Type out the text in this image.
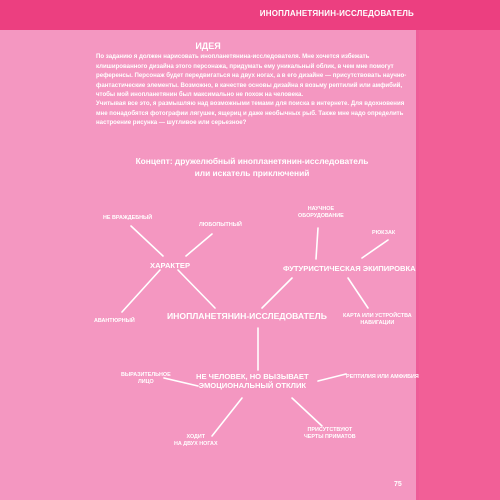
ИНОПЛАНЕТЯНИН-ИССЛЕДОВАТЕЛЬ
ИДЕЯ

По заданию я должен нарисовать инопланетянина-исследователя. Мне хочется избежать клишированного дизайна этого персонажа, придумать ему уникальный облик, в чем мне помогут референсы. Персонаж будет передвигаться на двух ногах, а в его дизайне — присутствовать научно-фантастические элементы. Возможно, в качестве основы дизайна я возьму рептилий или амфибий, чтобы мой инопланетянин был максимально не похож на человека.

Учитывая все это, я размышляю над возможными темами для поиска в интернете. Для вдохновения мне понадобятся фотографии лягушек, ящериц и даже необычных рыб. Также мне надо определить настроение рисунка — шутливое или серьезное?

Концепт: дружелюбный инопланетянин-исследователь
или искатель приключений
ИНОПЛАНЕТЯНИН-ИССЛЕДОВАТЕЛЬ
ХАРАКТЕР	ФУТУРИСТИЧЕСКАЯ ЭКИПИРОВКА
НЕ ЧЕЛОВЕК, НО ВЫЗЫВАЕТ
ЭМОЦИОНАЛЬНЫЙ ОТКЛИК
НЕ ВРАЖДЕБНЫЙ
ЛЮБОПЫТНЫЙ
АВАНТЮРНЫЙ
НАУЧНОЕ
ОБОРУДОВАНИЕ
РЮКЗАК
КАРТА ИЛИ УСТРОЙСТВА
НАВИГАЦИИ
ВЫРАЗИТЕЛЬНОЕ
ЛИЦО
РЕПТИЛИЯ ИЛИ АМФИБИЯ
ХОДИТ
НА ДВУХ НОГАХ
ПРИСУТСТВУЮТ
ЧЕРТЫ ПРИМАТОВ
75
